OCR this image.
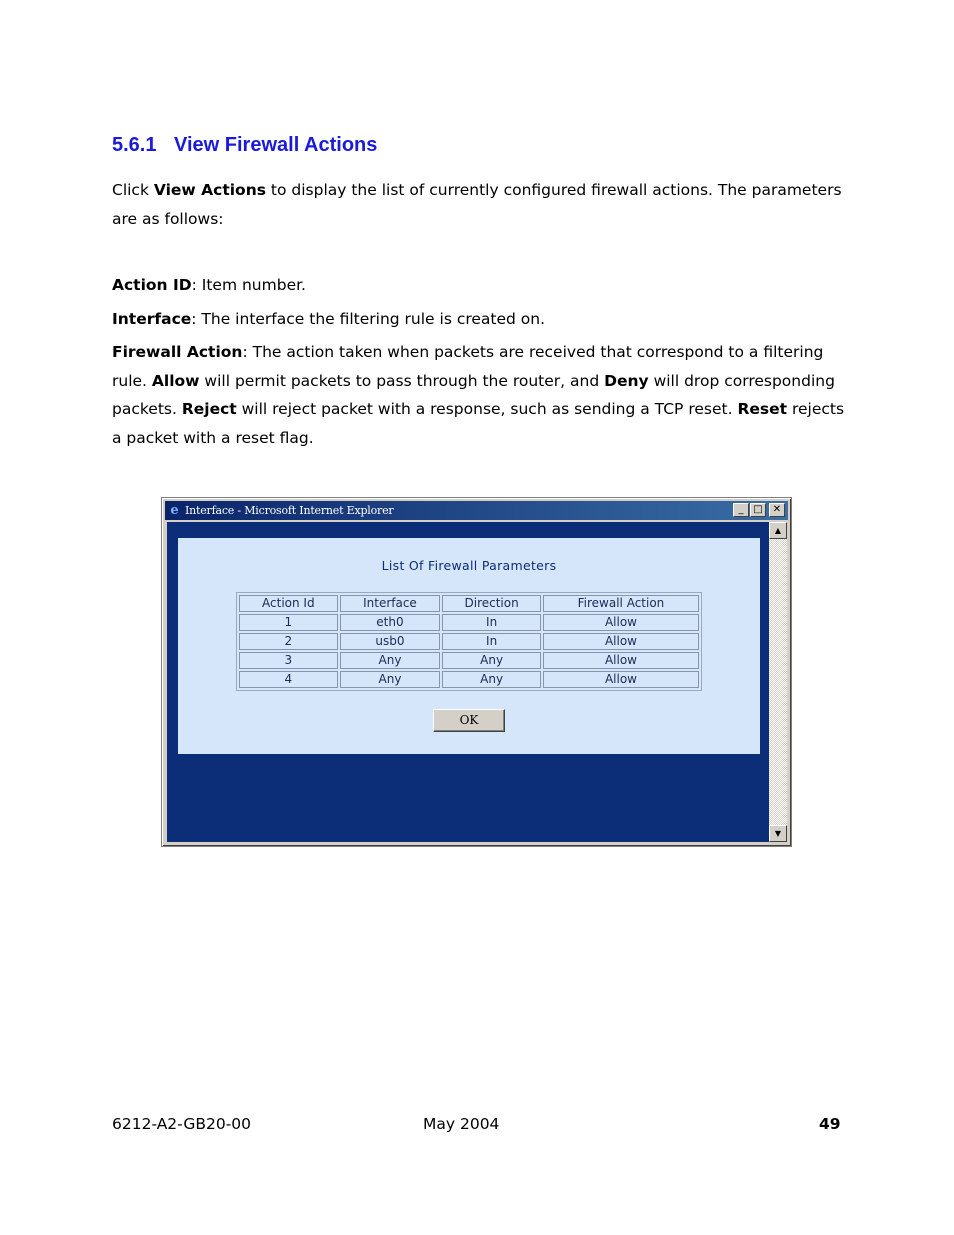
5.6.1 View Firewall Actions

Click View Actions to display the list of currently configured firewall actions. The parameters are as follows:

Action ID: Item number.

Interface: The interface the filtering rule is created on.

Firewall Action: The action taken when packets are received that correspond to a filtering rule. Allow will permit packets to pass through the router, and Deny will drop corresponding packets. Reject will reject packet with a response, such as sending a TCP reset. Reset rejects a packet with a reset flag.

e Interface - Microsoft Internet Explorer	_ □	✕
List Of Firewall Parameters
Action Id	Interface	Direction	Firewall Action
1	eth0	In	Allow
2	usb0	In	Allow
3	Any	Any	Allow
4	Any	Any	Allow
OK
▲
▼
6212-A2-GB20-00	May 2004	49
